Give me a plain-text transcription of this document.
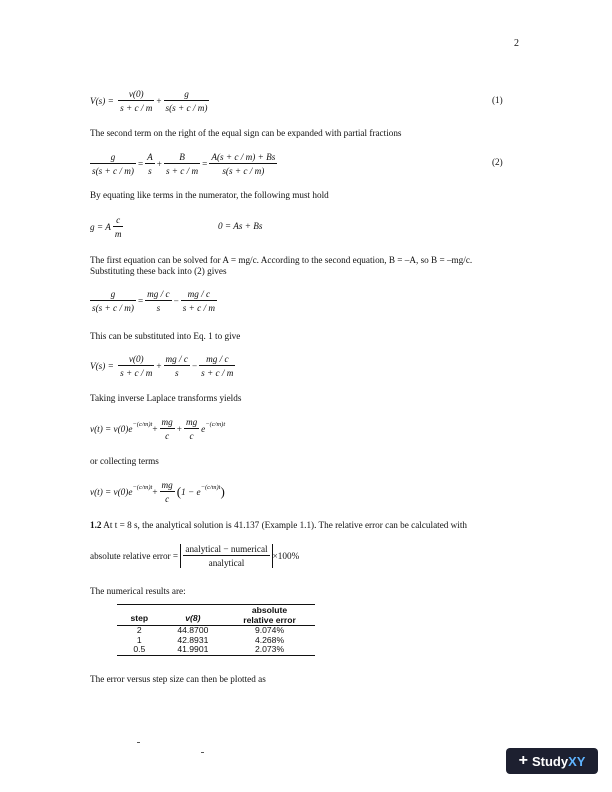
2
$V(s) = \frac{v(0)}{s + c / m} + \frac{g}{s(s + c / m)}$	(1)
The second term on the right of the equal sign can be expanded with partial fractions
$\frac{g}{s(s + c / m)} = \frac{A}{s} + \frac{B}{s + c / m} = \frac{A(s + c / m) + Bs}{s(s + c / m)}$	(2)
By equating like terms in the numerator, the following must hold
g = A $\frac{c}{m}$	0 = As + Bs
The first equation can be solved for A = mg/c. According to the second equation, B = –A, so B = –mg/c.
Substituting these back into (2) gives
$\frac{g}{s(s + c / m)} = \frac{mg / c}{s} - \frac{mg / c}{s + c / m}$
This can be substituted into Eq. 1 to give
$V(s) = \frac{v(0)}{s + c / m} + \frac{mg / c}{s} - \frac{mg / c}{s + c / m}$
Taking inverse Laplace transforms yields
$v(t) = v(0)e^{-(c/m)t}+ \frac{mg}{c} + \frac{mg}{c} e^{-(c/m)t}$
or collecting terms
$v(t) = v(0)e^{-(c/m)t}+ \frac{mg}{c} (1 - e^{-(c/m)t})$
1.2 At t = 8 s, the analytical solution is 41.137 (Example 1.1). The relative error can be calculated with
absolute relative error = $\frac{\text{analytical − numerical}}{\text{analytical}} \times 100\%$
The numerical results are:
step	v(8)	absolute
relative error
2	44.8700	9.074%
1	42.8931	4.268%
0.5	41.9901	2.073%
The error versus step size can then be plotted as
+ Study XY
